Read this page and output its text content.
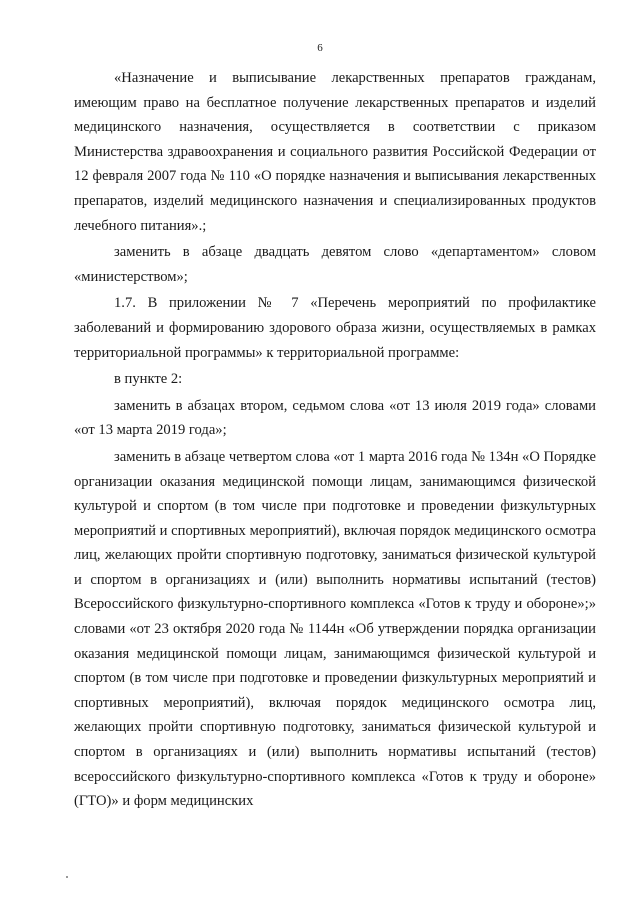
6

«Назначение и выписывание лекарственных препаратов гражданам, имеющим право на бесплатное получение лекарственных препаратов и изделий медицинского назначения, осуществляется в соответствии с приказом Министерства здравоохранения и социального развития Российской Федерации от 12 февраля 2007 года № 110 «О порядке назначения и выписывания лекарственных препаратов, изделий медицинского назначения и специализированных продуктов лечебного питания».;

заменить в абзаце двадцать девятом слово «департаментом» словом «министерством»;

1.7. В приложении № 7 «Перечень мероприятий по профилактике заболеваний и формированию здорового образа жизни, осуществляемых в рамках территориальной программы» к территориальной программе:

в пункте 2:

заменить в абзацах втором, седьмом слова «от 13 июля 2019 года» словами «от 13 марта 2019 года»;

заменить в абзаце четвертом слова «от 1 марта 2016 года № 134н «О Порядке организации оказания медицинской помощи лицам, занимающимся физической культурой и спортом (в том числе при подготовке и проведении физкультурных мероприятий и спортивных мероприятий), включая порядок медицинского осмотра лиц, желающих пройти спортивную подготовку, заниматься физической культурой и спортом в организациях и (или) выполнить нормативы испытаний (тестов) Всероссийского физкультурно-спортивного комплекса «Готов к труду и обороне»;» словами «от 23 октября 2020 года № 1144н «Об утверждении порядка организации оказания медицинской помощи лицам, занимающимся физической культурой и спортом (в том числе при подготовке и проведении физкультурных мероприятий и спортивных мероприятий), включая порядок медицинского осмотра лиц, желающих пройти спортивную подготовку, заниматься физической культурой и спортом в организациях и (или) выполнить нормативы испытаний (тестов) всероссийского физкультурно-спортивного комплекса «Готов к труду и обороне» (ГТО)» и форм медицинских
